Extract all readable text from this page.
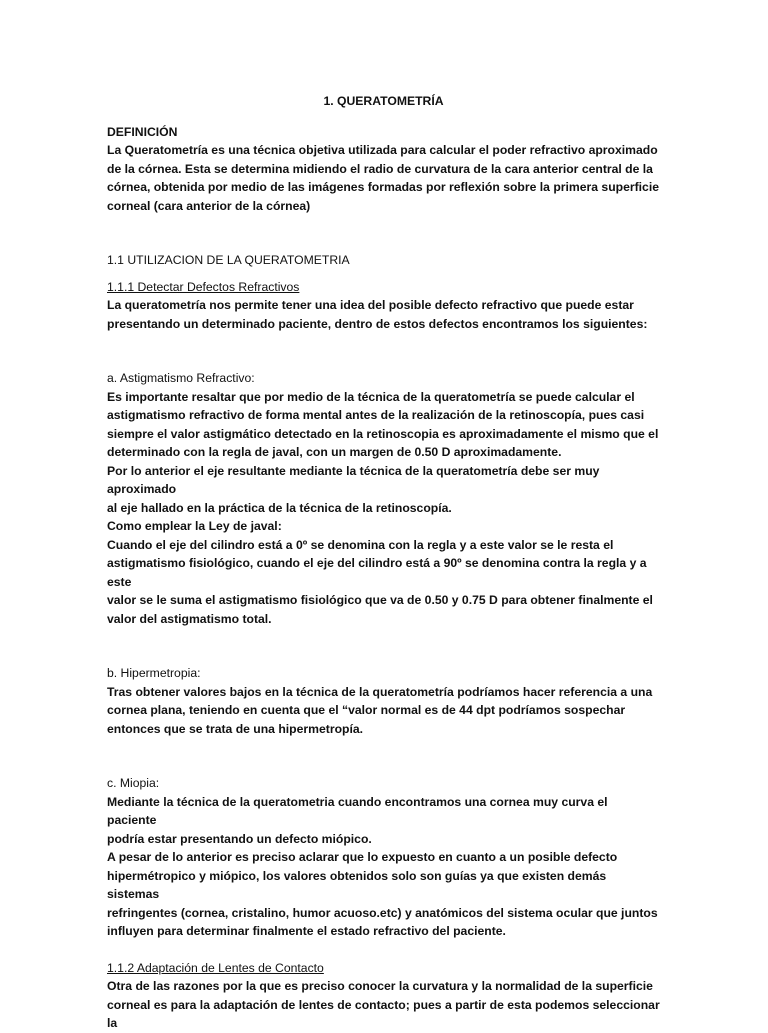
1. QUERATOMETRÍA
DEFINICIÓN
La Queratometría es una técnica objetiva utilizada para calcular el poder refractivo aproximado
de la córnea. Esta se determina midiendo el radio de curvatura de la cara anterior central de la
córnea, obtenida por medio de las imágenes formadas por reflexión sobre la primera superficie
corneal (cara anterior de la córnea)
1.1 UTILIZACION DE LA QUERATOMETRIA
1.1.1 Detectar Defectos Refractivos
La queratometría nos permite tener una idea del posible defecto refractivo que puede estar
presentando un determinado paciente, dentro de estos defectos encontramos los siguientes:
a. Astigmatismo Refractivo:
Es importante resaltar que por medio de la técnica de la queratometría se puede calcular el
astigmatismo refractivo de forma mental antes de la realización de la retinoscopía, pues casi
siempre el valor astigmático detectado en la retinoscopia es aproximadamente el mismo que el
determinado con la regla de javal, con un margen de 0.50 D aproximadamente.
Por lo anterior el eje resultante mediante la técnica de la queratometría debe ser muy aproximado
al eje hallado en la práctica de la técnica de la retinoscopía.
Como emplear la Ley de javal:
Cuando el eje del cilindro está a 0º se denomina con la regla y a este valor se le resta el
astigmatismo fisiológico, cuando el eje del cilindro está a 90º se denomina contra la regla y a este
valor se le suma el astigmatismo fisiológico que va de 0.50 y 0.75 D para obtener finalmente el
valor del astigmatismo total.
b. Hipermetropia:
Tras obtener valores bajos en la técnica de la queratometría podríamos hacer referencia a una
cornea plana, teniendo en cuenta que el “valor normal es de 44 dpt podríamos sospechar
entonces que se trata de una hipermetropía.
c. Miopia:
Mediante la técnica de la queratometria cuando encontramos una cornea muy curva el paciente
podría estar presentando un defecto miópico.
A pesar de lo anterior es preciso aclarar que lo expuesto en cuanto a un posible defecto
hipermétropico y miópico, los valores obtenidos solo son guías ya que existen demás sistemas
refringentes (cornea, cristalino, humor acuoso.etc) y anatómicos del sistema ocular que juntos
influyen para determinar finalmente el estado refractivo del paciente.
1.1.2 Adaptación de Lentes de Contacto
Otra de las razones por la que es preciso conocer la curvatura y la normalidad de la superficie
corneal es para la adaptación de lentes de contacto; pues a partir de esta podemos seleccionar la
